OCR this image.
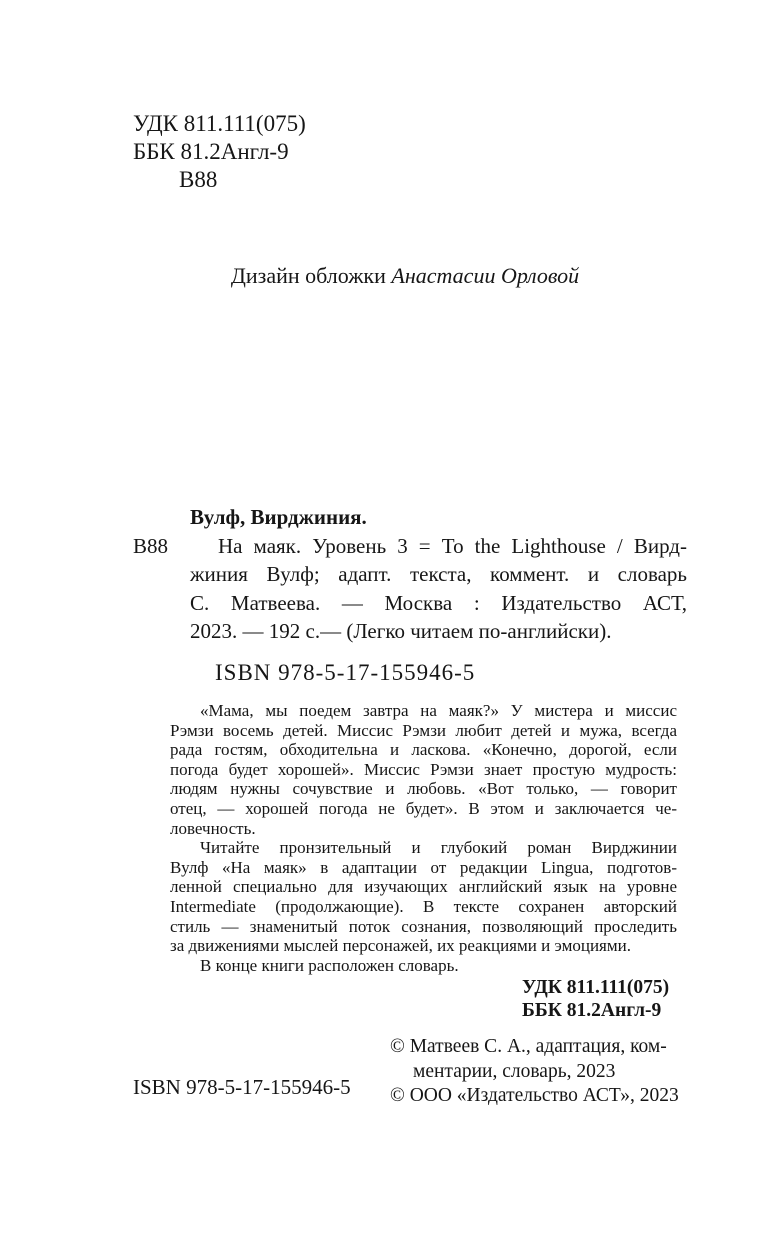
УДК 811.111(075)
ББК 81.2Англ-9
В88
Дизайн обложки Анастасии Орловой
Вулф, Вирджиния.
В88	На маяк. Уровень 3 = To the Lighthouse / Вирд-
жиния Вулф; адапт. текста, коммент. и словарь
С. Матвеева. — Москва : Издательство АСТ,
2023. — 192 с.— (Легко читаем по-английски).
ISBN 978-5-17-155946-5
«Мама, мы поедем завтра на маяк?» У мистера и миссис
Рэмзи восемь детей. Миссис Рэмзи любит детей и мужа, всегда
рада гостям, обходительна и ласкова. «Конечно, дорогой, если
погода будет хорошей». Миссис Рэмзи знает простую мудрость:
людям нужны сочувствие и любовь. «Вот только, — говорит
отец, — хорошей погода не будет». В этом и заключается че-
ловечность.
Читайте пронзительный и глубокий роман Вирджинии
Вулф «На маяк» в адаптации от редакции Lingua, подготов-
ленной специально для изучающих английский язык на уровне
Intermediate (продолжающие). В тексте сохранен авторский
стиль — знаменитый поток сознания, позволяющий проследить
за движениями мыслей персонажей, их реакциями и эмоциями.
В конце книги расположен словарь.
УДК 811.111(075)
ББК 81.2Англ-9
© Матвеев С. А., адаптация, ком-
ментарии, словарь, 2023
© ООО «Издательство АСТ», 2023
ISBN 978-5-17-155946-5
